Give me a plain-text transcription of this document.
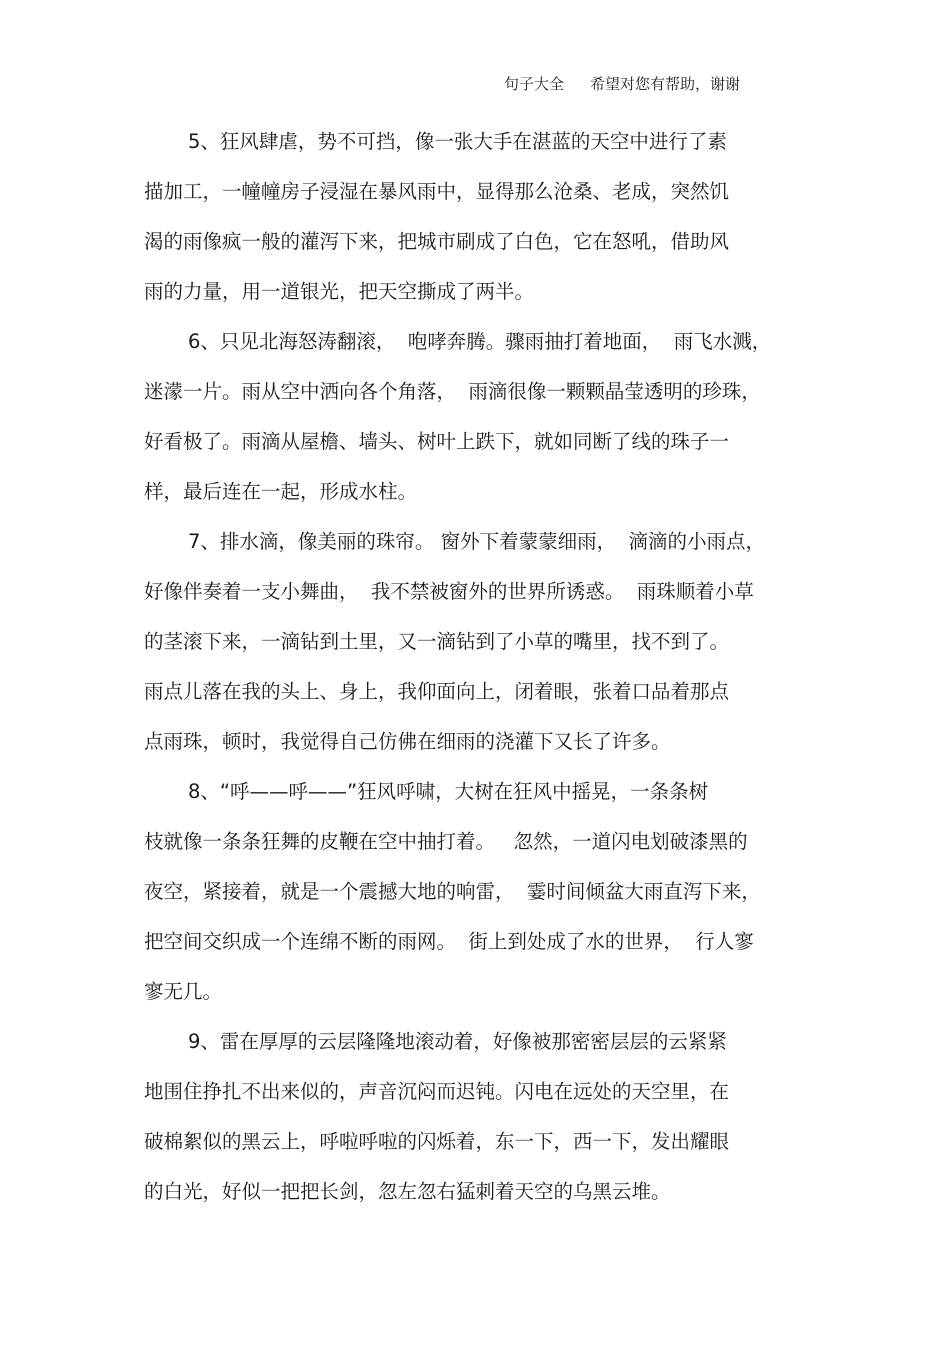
句子大全 希望对您有帮助，谢谢
5、狂风肆虐，势不可挡，像一张大手在湛蓝的天空中进行了素
描加工，一幢幢房子浸湿在暴风雨中，显得那么沧桑、老成，突然饥
渴的雨像疯一般的灌泻下来，把城市刷成了白色，它在怒吼，借助风
雨的力量，用一道银光，把天空撕成了两半。
6、只见北海怒涛翻滚，  咆哮奔腾。骤雨抽打着地面，  雨飞水溅，
迷濛一片。雨从空中洒向各个角落，  雨滴很像一颗颗晶莹透明的珍珠，
好看极了。雨滴从屋檐、墙头、树叶上跌下，就如同断了线的珠子一
样，最后连在一起，形成水柱。
7、排水滴，像美丽的珠帘。 窗外下着蒙蒙细雨，  滴滴的小雨点，
好像伴奏着一支小舞曲，  我不禁被窗外的世界所诱惑。  雨珠顺着小草
的茎滚下来，一滴钻到土里，又一滴钻到了小草的嘴里，找不到了。
雨点儿落在我的头上、身上，我仰面向上，闭着眼，张着口品着那点
点雨珠，顿时，我觉得自己仿佛在细雨的浇灌下又长了许多。
8、“呼——呼——”狂风呼啸，大树在狂风中摇晃，一条条树
枝就像一条条狂舞的皮鞭在空中抽打着。   忽然，一道闪电划破漆黑的
夜空，紧接着，就是一个震撼大地的响雷，  霎时间倾盆大雨直泻下来，
把空间交织成一个连绵不断的雨网。  街上到处成了水的世界，  行人寥
寥无几。
9、雷在厚厚的云层隆隆地滚动着，好像被那密密层层的云紧紧
地围住挣扎不出来似的，声音沉闷而迟钝。闪电在远处的天空里，在
破棉絮似的黑云上，呼啦呼啦的闪烁着，东一下，西一下，发出耀眼
的白光，好似一把把长剑，忽左忽右猛刺着天空的乌黑云堆。
